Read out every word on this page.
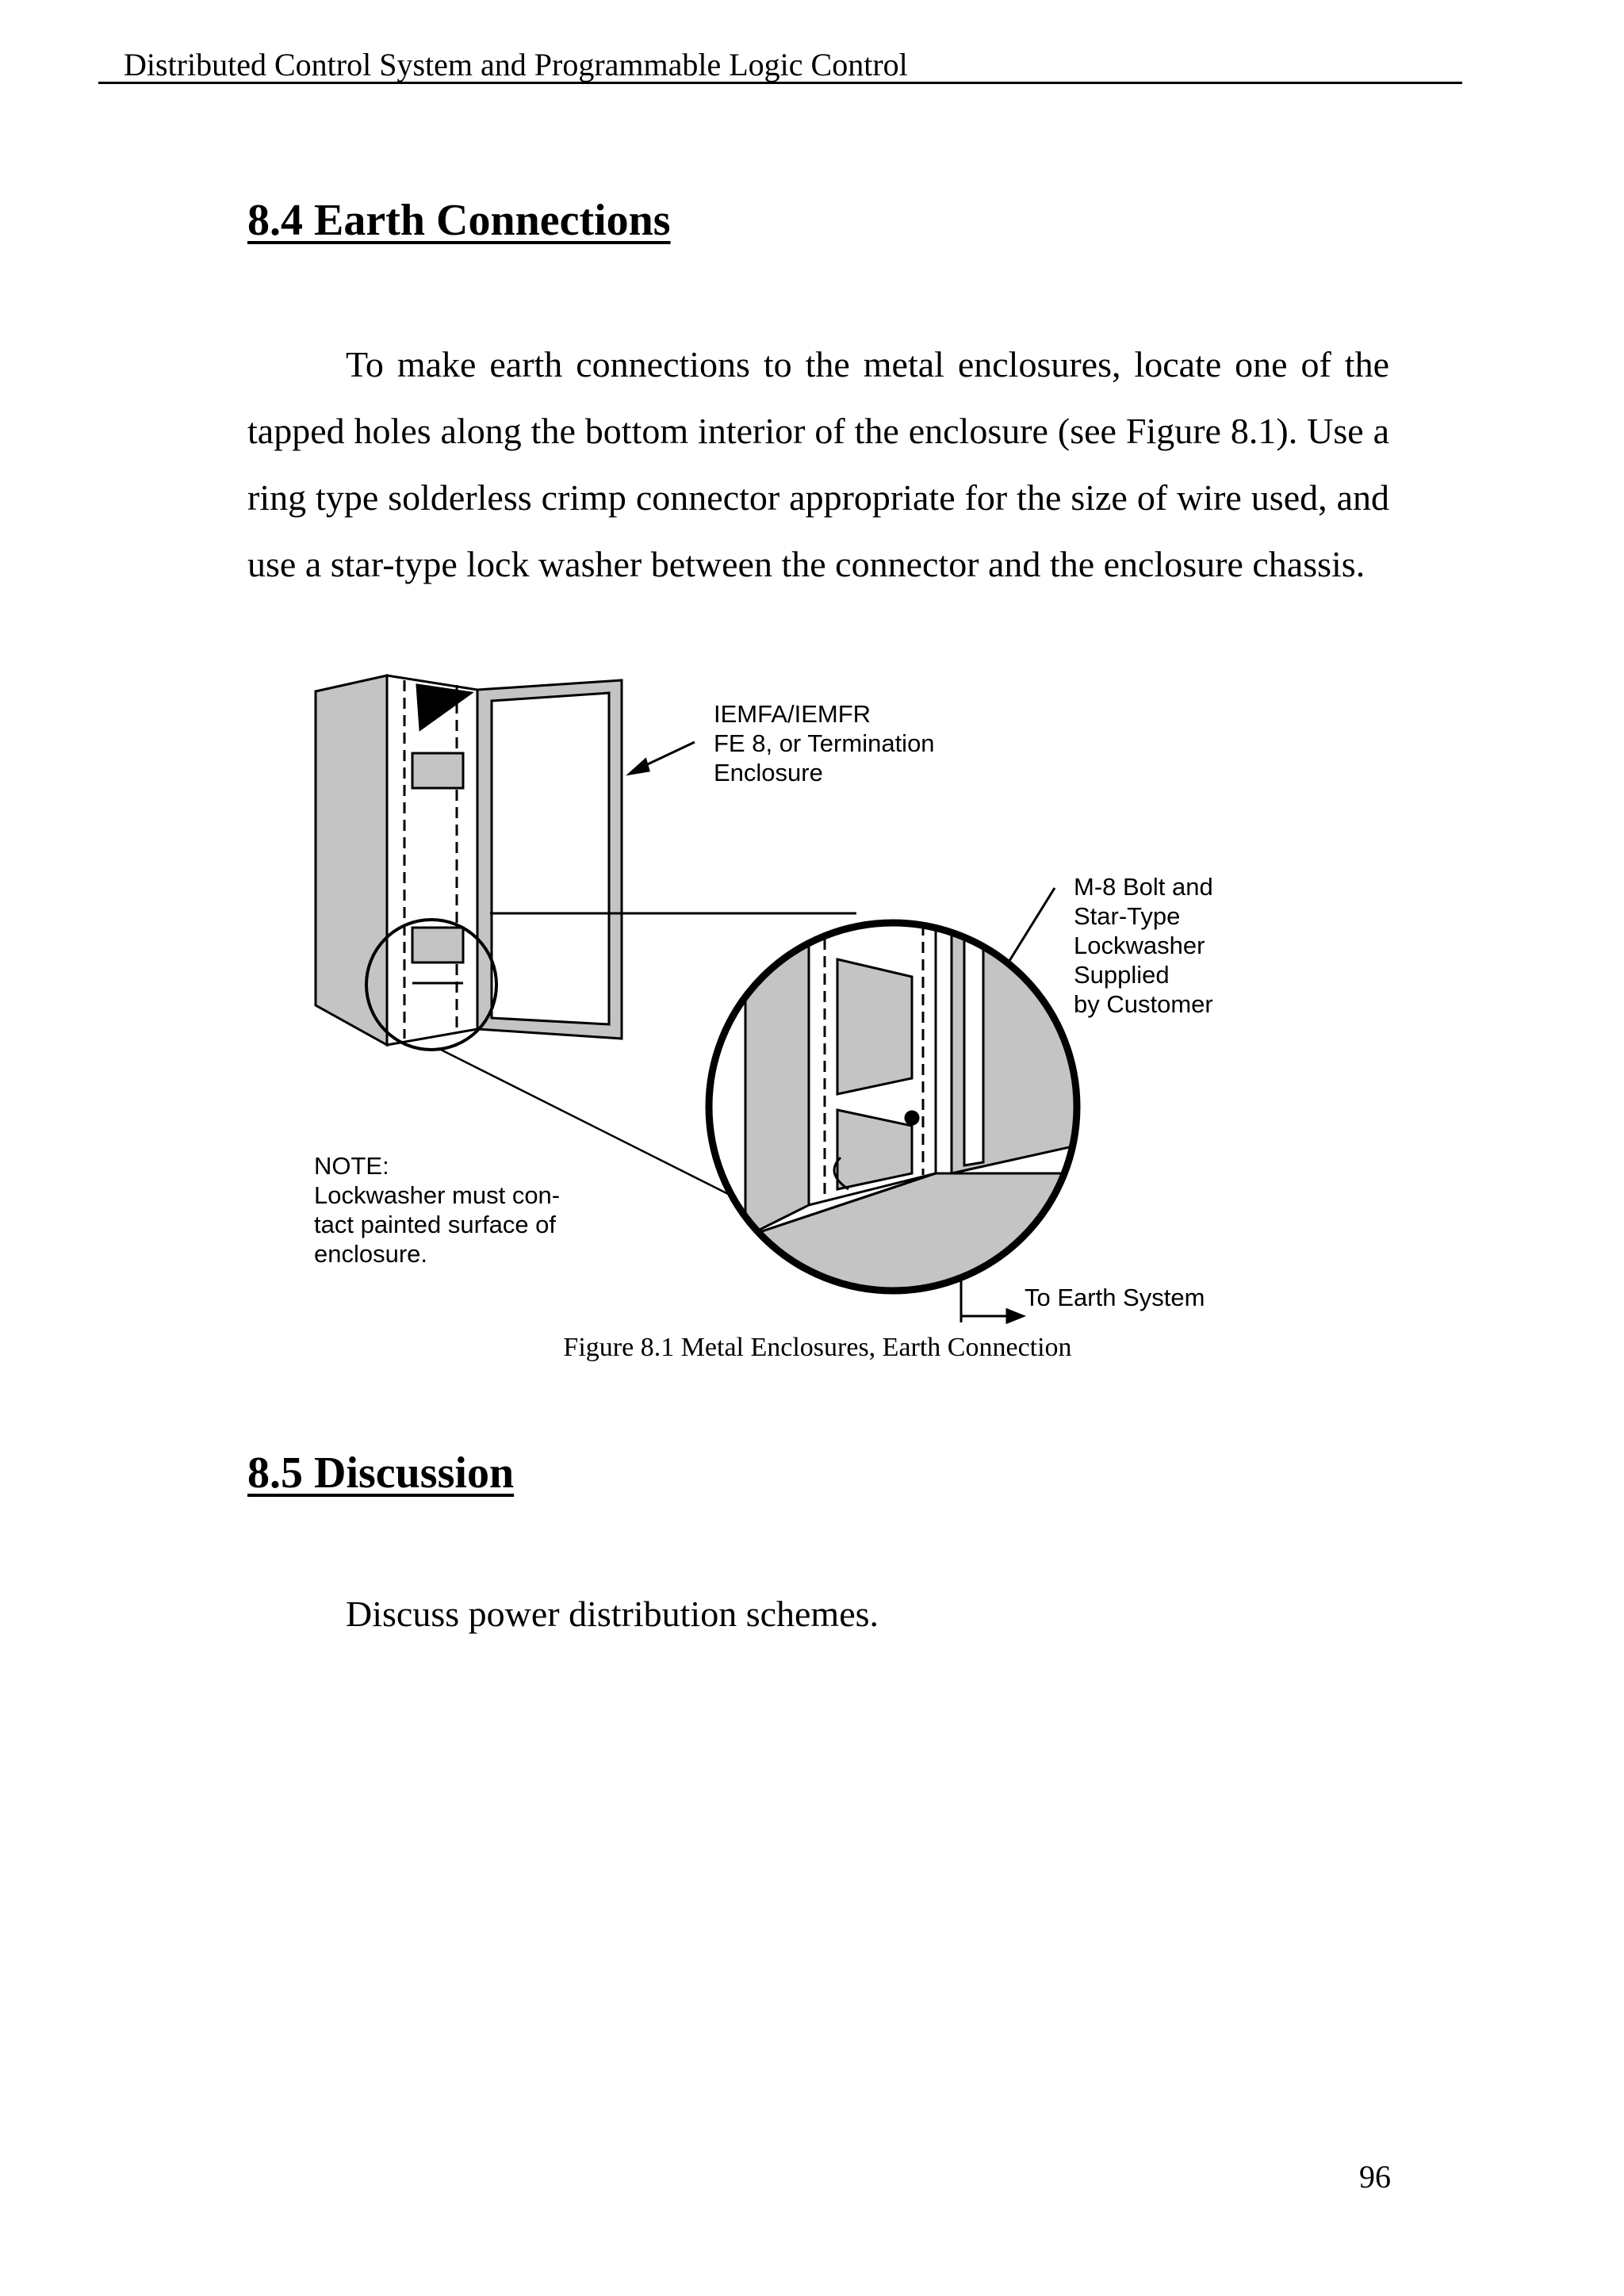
Distributed Control System and Programmable Logic Control
8.4 Earth Connections

To make earth connections to the metal enclosures, locate one of the tapped holes along the bottom interior of the enclosure (see Figure 8.1). Use a ring type solderless crimp connector appropriate for the size of wire used, and use a star-type lock washer between the connector and the enclosure chassis.

IEMFA/IEMFR
FE 8, or Termination
Enclosure
M-8 Bolt and Star-Type
Lockwasher Supplied
by Customer
NOTE:
Lockwasher must con-
tact painted surface of
enclosure.
To Earth System
Figure 8.1 Metal Enclosures, Earth Connection
8.5 Discussion

Discuss power distribution schemes.

96
